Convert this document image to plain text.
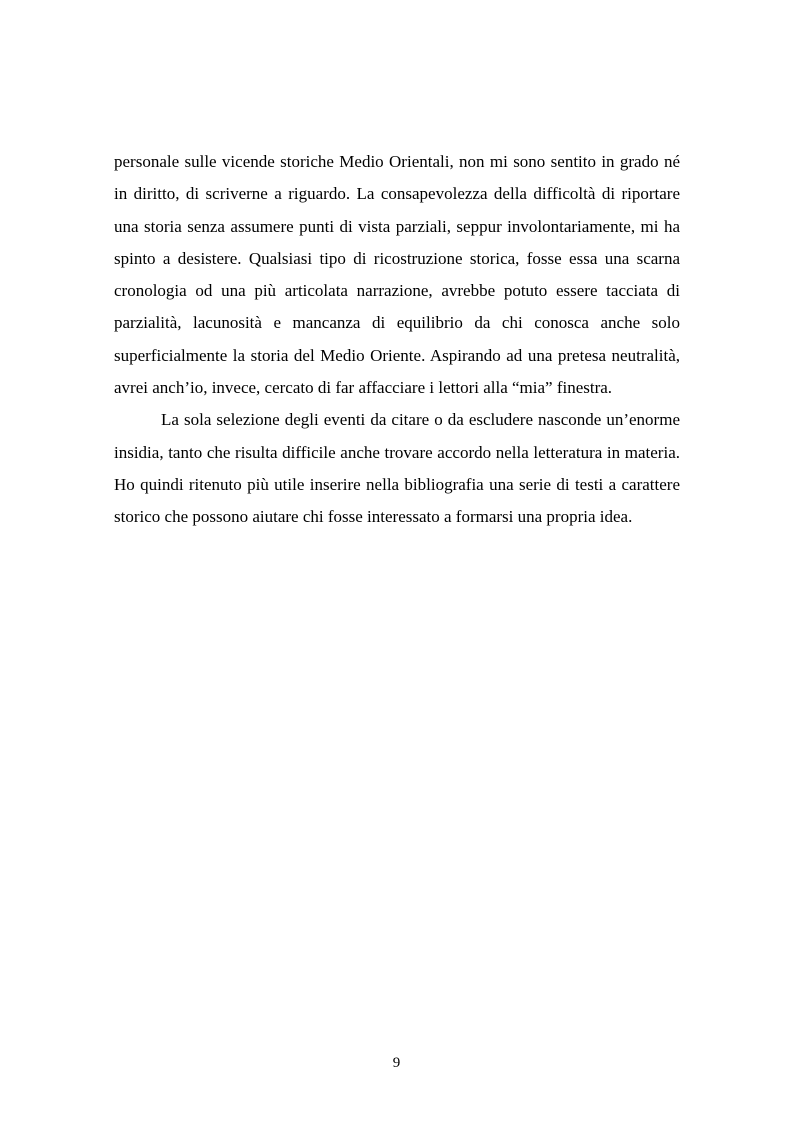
personale sulle vicende storiche Medio Orientali, non mi sono sentito in grado né in diritto, di scriverne a riguardo. La consapevolezza della difficoltà di riportare una storia senza assumere punti di vista parziali, seppur involontariamente, mi ha spinto a desistere. Qualsiasi tipo di ricostruzione storica, fosse essa una scarna cronologia od una più articolata narrazione, avrebbe potuto essere tacciata di parzialità, lacunosità e mancanza di equilibrio da chi conosca anche solo superficialmente la storia del Medio Oriente. Aspirando ad una pretesa neutralità, avrei anch’io, invece, cercato di far affacciare i lettori alla “mia” finestra.

La sola selezione degli eventi da citare o da escludere nasconde un’enorme insidia, tanto che risulta difficile anche trovare accordo nella letteratura in materia. Ho quindi ritenuto più utile inserire nella bibliografia una serie di testi a carattere storico che possono aiutare chi fosse interessato a formarsi una propria idea.

9
